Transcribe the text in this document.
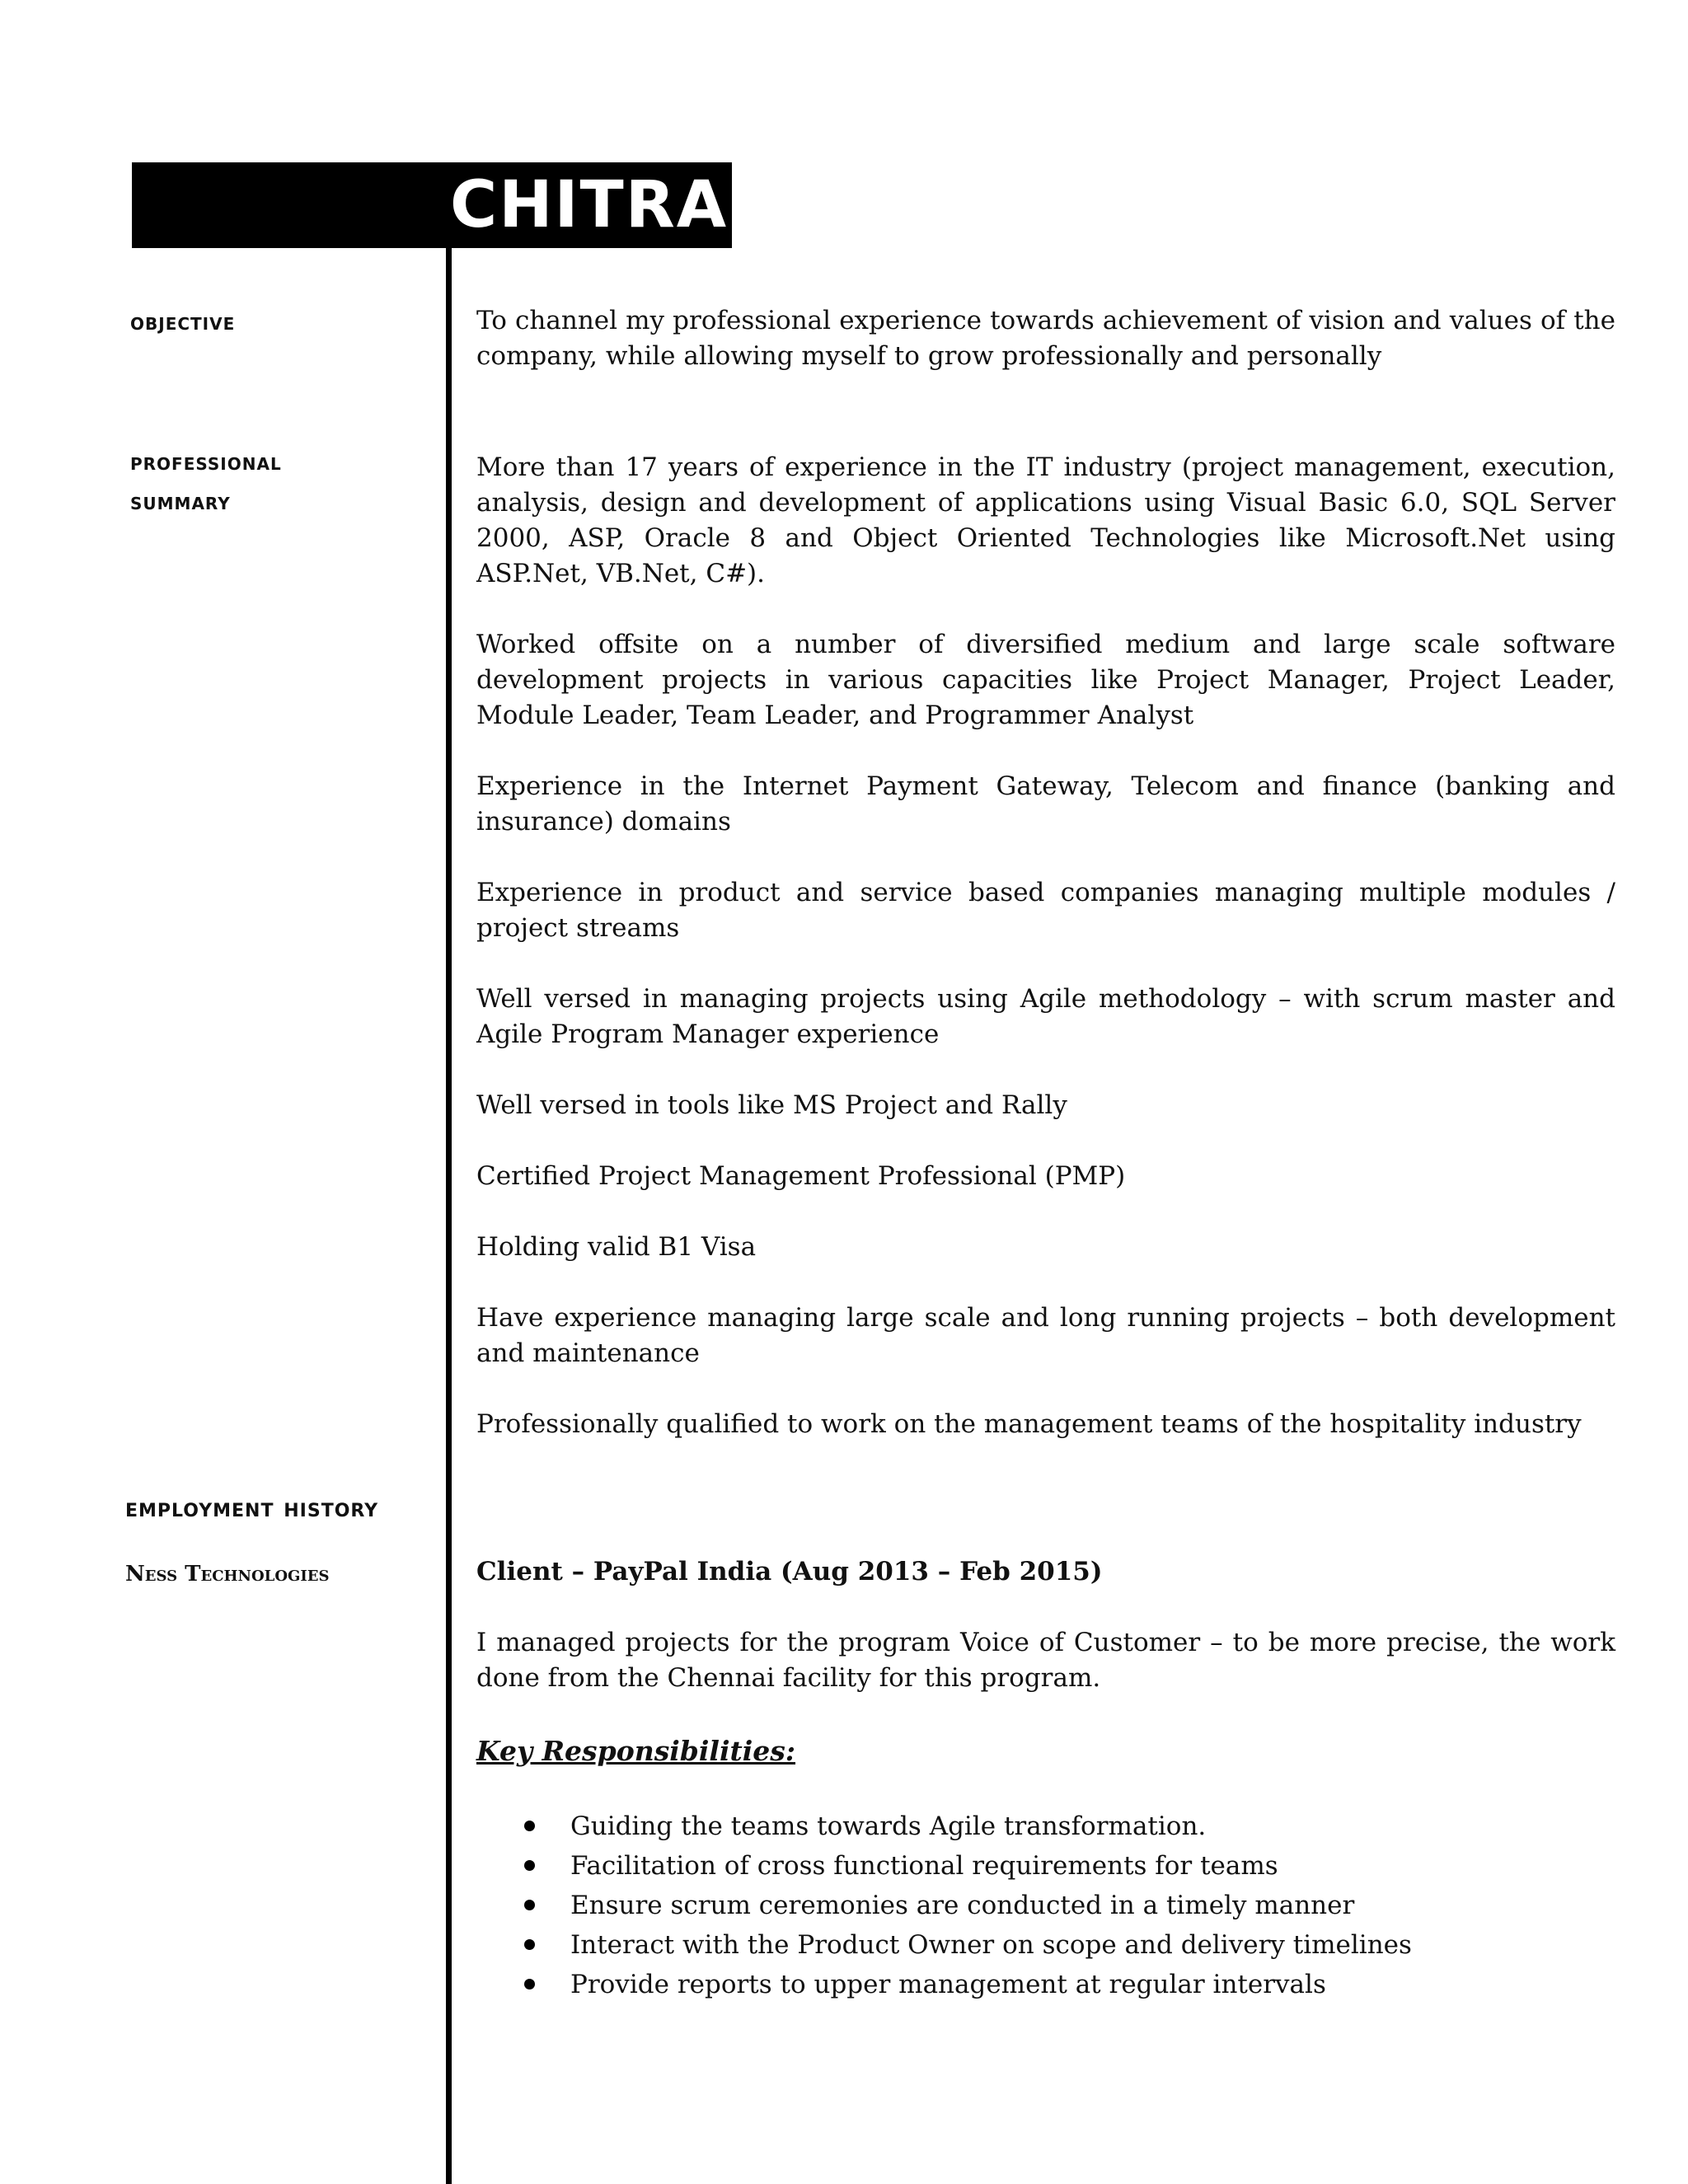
CHITRA
objective	To channel my professional experience towards achievement of vision and values of the company, while allowing myself to grow professionally and personally

professional
summary

More than 17 years of experience in the IT industry (project management, execution, analysis, design and development of applications using Visual Basic 6.0, SQL Server 2000, ASP, Oracle 8 and Object Oriented Technologies like Microsoft.Net using ASP.Net, VB.Net, C#).

Worked offsite on a number of diversified medium and large scale software development projects in various capacities like Project Manager, Project Leader, Module Leader, Team Leader, and Programmer Analyst

Experience in the Internet Payment Gateway, Telecom and finance (banking and insurance) domains

Experience in product and service based companies managing multiple modules / project streams

Well versed in managing projects using Agile methodology – with scrum master and Agile Program Manager experience

Well versed in tools like MS Project and Rally

Certified Project Management Professional (PMP)

Holding valid B1 Visa

Have experience managing large scale and long running projects – both development and maintenance

Professionally qualified to work on the management teams of the hospitality industry

employment history
Ness Technologies	Client – PayPal India (Aug 2013 – Feb 2015)

I managed projects for the program Voice of Customer – to be more precise, the work done from the Chennai facility for this program.

Key Responsibilities:
Guiding the teams towards Agile transformation.
Facilitation of cross functional requirements for teams
Ensure scrum ceremonies are conducted in a timely manner
Interact with the Product Owner on scope and delivery timelines
Provide reports to upper management at regular intervals
